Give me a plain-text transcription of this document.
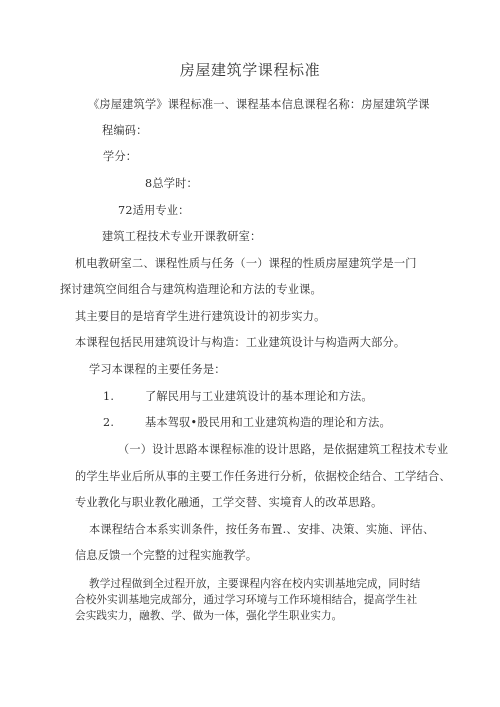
房屋建筑学课程标准
《房屋建筑学》课程标准一、课程基本信息课程名称：房屋建筑学课
程编码：
学分：
8总学时：
72适用专业：
建筑工程技术专业开课教研室：
机电教研室二、课程性质与任务（一）课程的性质房屋建筑学是一门
探讨建筑空间组合与建筑构造理论和方法的专业课。
其主要目的是培育学生进行建筑设计的初步实力。
本课程包括民用建筑设计与构造：工业建筑设计与构造两大部分。
学习本课程的主要任务是：
1.	了解民用与工业建筑设计的基本理论和方法。
2.	基本驾驭•股民用和工业建筑构造的理论和方法。
（一）设计思路本课程标准的设计思路，是依据建筑工程技术专业
的学生毕业后所从事的主要工作任务进行分析，依据校企结合、工学结合、
专业教化与职业教化融通，工学交替、实境育人的改革思路。
本课程结合本系实训条件，按任务布置.、安排、决策、实施、评估、
信息反馈一个完整的过程实施教学。
教学过程做到全过程开放，主要课程内容在校内实训基地完成，同时结
合校外实训基地完成部分，通过学习环境与工作环境相结合，提高学生社
会实践实力，融教、学、做为一体，强化学生职业实力。
